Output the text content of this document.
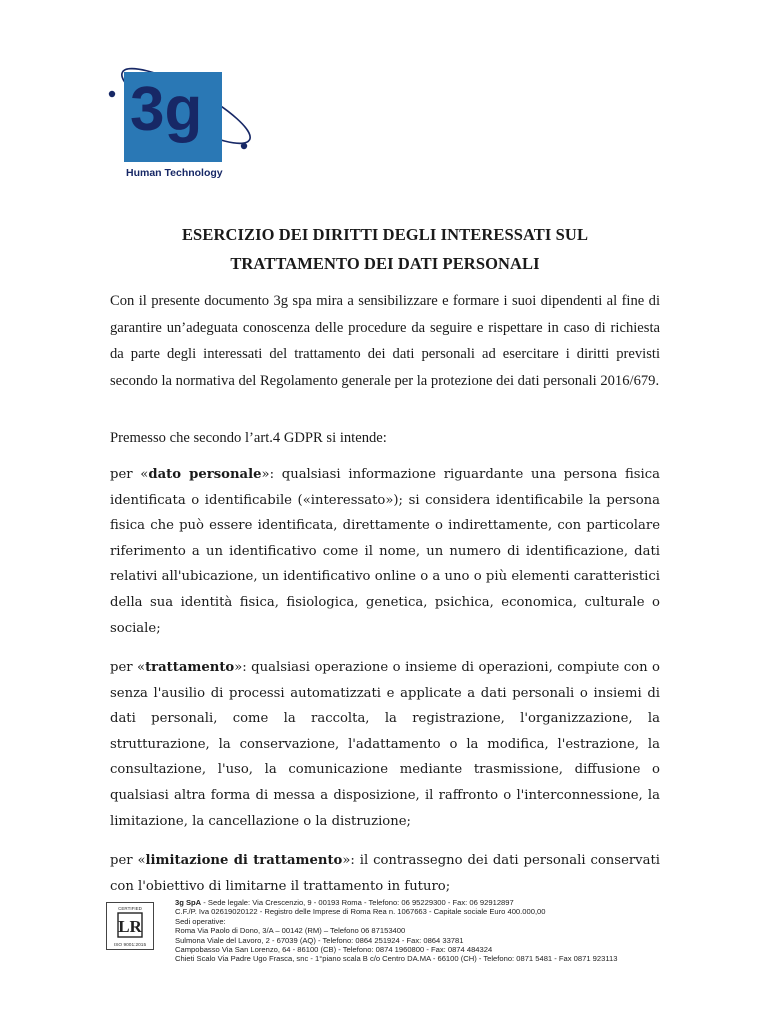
3g
Human Technology
ESERCIZIO DEI DIRITTI DEGLI INTERESSATI SUL
TRATTAMENTO DEI DATI PERSONALI

Con il presente documento 3g spa mira a sensibilizzare e formare i suoi dipendenti al fine di garantire un’adeguata conoscenza delle procedure da seguire e rispettare in caso di richiesta da parte degli interessati del trattamento dei dati personali ad esercitare i diritti previsti secondo la normativa del Regolamento generale per la protezione dei dati personali 2016/679.

Premesso che secondo l’art.4 GDPR si intende:

per «dato personale»: qualsiasi informazione riguardante una persona fisica identificata o identificabile («interessato»); si considera identificabile la persona fisica che può essere identificata, direttamente o indirettamente, con particolare riferimento a un identificativo come il nome, un numero di identificazione, dati relativi all'ubicazione, un identificativo online o a uno o più elementi caratteristici della sua identità fisica, fisiologica, genetica, psichica, economica, culturale o sociale;

per «trattamento»: qualsiasi operazione o insieme di operazioni, compiute con o senza l'ausilio di processi automatizzati e applicate a dati personali o insiemi di dati personali, come la raccolta, la registrazione, l'organizzazione, la strutturazione, la conservazione, l'adattamento o la modifica, l'estrazione, la consultazione, l'uso, la comunicazione mediante trasmissione, diffusione o qualsiasi altra forma di messa a disposizione, il raffronto o l'interconnessione, la limitazione, la cancellazione o la distruzione;

per «limitazione di trattamento»: il contrassegno dei dati personali conservati con l'obiettivo di limitarne il trattamento in futuro;

CERTIFIED
LR
ISO 9001:2015
3g SpA - Sede legale: Via Crescenzio, 9 - 00193 Roma - Telefono: 06 95229300 - Fax: 06 92912897
C.F./P. Iva 02619020122 - Registro delle Imprese di Roma Rea n. 1067663 - Capitale sociale Euro 400.000,00
Sedi operative:
Roma Via Paolo di Dono, 3/A – 00142 (RM) – Telefono 06 87153400
Sulmona Viale del Lavoro, 2 - 67039 (AQ) - Telefono: 0864 251924 - Fax: 0864 33781
Campobasso Via San Lorenzo, 64 - 86100 (CB) - Telefono: 0874 1960800 - Fax: 0874 484324
Chieti Scalo Via Padre Ugo Frasca, snc - 1°piano scala B c/o Centro DA.MA - 66100 (CH) - Telefono: 0871 5481 - Fax 0871 923113
